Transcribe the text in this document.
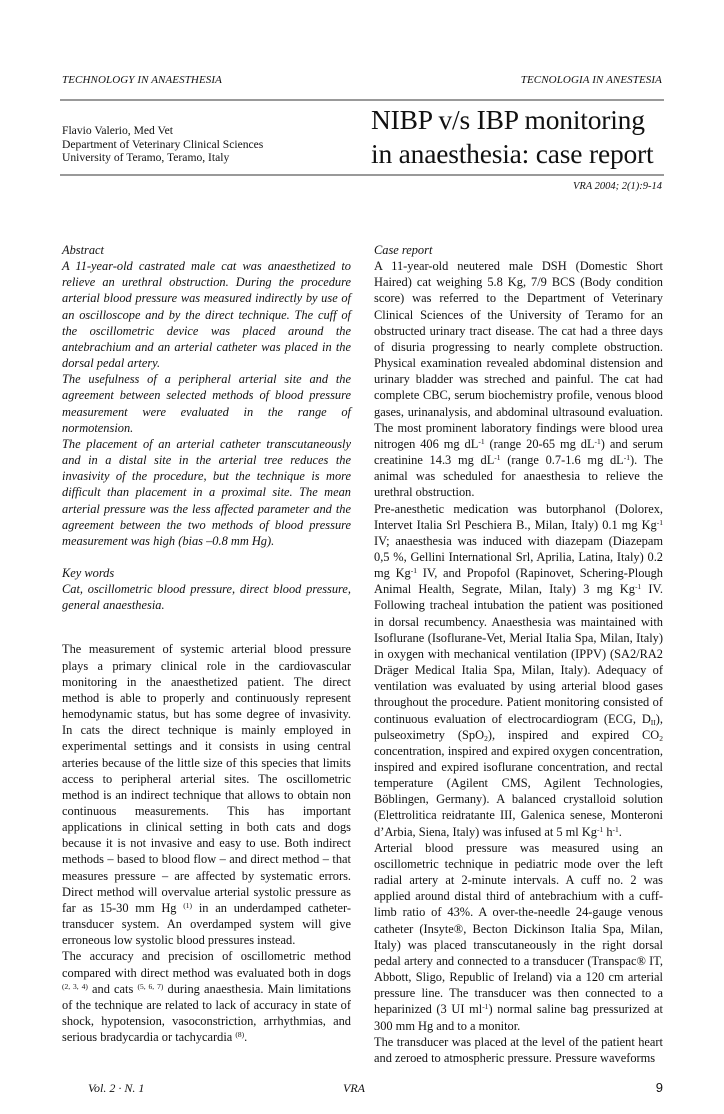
TECHNOLOGY IN ANAESTHESIA	TECNOLOGIA IN ANESTESIA
Flavio Valerio, Med Vet
Department of Veterinary Clinical Sciences
University of Teramo, Teramo, Italy
NIBP v/s IBP monitoring
in anaesthesia: case report
VRA 2004; 2(1):9-14

Abstract

A 11-year-old castrated male cat was anaesthetized to relieve an urethral obstruction. During the procedure arterial blood pressure was measured indirectly by use of an oscilloscope and by the direct technique. The cuff of the oscillometric device was placed around the antebrachium and an arterial catheter was placed in the dorsal pedal artery.

The usefulness of a peripheral arterial site and the agreement between selected methods of blood pressure measurement were evaluated in the range of normotension.

The placement of an arterial catheter transcutaneously and in a distal site in the arterial tree reduces the invasivity of the procedure, but the technique is more difficult than placement in a proximal site. The mean arterial pressure was the less affected parameter and the agreement between the two methods of blood pressure measurement was high (bias –0.8 mm Hg).

Key words

Cat, oscillometric blood pressure, direct blood pressure, general anaesthesia.

The measurement of systemic arterial blood pressure plays a primary clinical role in the cardiovascular monitoring in the anaesthetized patient. The direct method is able to properly and continuously represent hemodynamic status, but has some degree of invasivity. In cats the direct technique is mainly employed in experimental settings and it consists in using central arteries because of the little size of this species that limits access to peripheral arterial sites. The oscillometric method is an indirect technique that allows to obtain non continuous measurements. This has important applications in clinical setting in both cats and dogs because it is not invasive and easy to use. Both indirect methods – based to blood flow – and direct method – that measures pressure – are affected by systematic errors. Direct method will overvalue arterial systolic pressure as far as 15-30 mm Hg $^{(1)}$ in an underdamped catheter-transducer system. An overdamped system will give erroneous low systolic blood pressures instead.

The accuracy and precision of oscillometric method compared with direct method was evaluated both in dogs $^{(2, 3, 4)}$ and cats $^{(5, 6, 7)}$ during anaesthesia. Main limitations of the technique are related to lack of accuracy in state of shock, hypotension, vasoconstriction, arrhythmias, and serious bradycardia or tachycardia $^{(8)}$.

Case report

A 11-year-old neutered male DSH (Domestic Short Haired) cat weighing 5.8 Kg, 7/9 BCS (Body condition score) was referred to the Department of Veterinary Clinical Sciences of the University of Teramo for an obstructed urinary tract disease. The cat had a three days of disuria progressing to nearly complete obstruction. Physical examination revealed abdominal distension and urinary bladder was streched and painful. The cat had complete CBC, serum biochemistry profile, venous blood gases, urinanalysis, and abdominal ultrasound evaluation. The most prominent laboratory findings were blood urea nitrogen 406 mg $dL^{-1}$ (range 20-65 mg $dL^{-1}$) and serum creatinine 14.3 mg $dL^{-1}$ (range 0.7-1.6 mg $dL^{-1}$). The animal was scheduled for anaesthesia to relieve the urethral obstruction.

Pre-anesthetic medication was butorphanol (Dolorex, Intervet Italia Srl Peschiera B., Milan, Italy) 0.1 mg $Kg^{-1}$ IV; anaesthesia was induced with diazepam (Diazepam 0,5 %, Gellini International Srl, Aprilia, Latina, Italy) 0.2 mg $Kg^{-1}$ IV, and Propofol (Rapinovet, Schering-Plough Animal Health, Segrate, Milan, Italy) 3 mg $Kg^{-1}$ IV. Following tracheal intubation the patient was positioned in dorsal recumbency. Anaesthesia was maintained with Isoflurane (Isoflurane-Vet, Merial Italia Spa, Milan, Italy) in oxygen with mechanical ventilation (IPPV) (SA2/RA2 Dräger Medical Italia Spa, Milan, Italy). Adequacy of ventilation was evaluated by using arterial blood gases throughout the procedure. Patient monitoring consisted of continuous evaluation of electrocardiogram (ECG, $D_{II}$), pulseoximetry (SpO$_2$), inspired and expired $CO_2$ concentration, inspired and expired oxygen concentration, inspired and expired isoflurane concentration, and rectal temperature (Agilent CMS, Agilent Technologies, Böblingen, Germany). A balanced crystalloid solution (Elettrolitica reidratante III, Galenica senese, Monteroni d’Arbia, Siena, Italy) was infused at 5 ml $Kg^{-1}$ $h^{-1}$.

Arterial blood pressure was measured using an oscillometric technique in pediatric mode over the left radial artery at 2-minute intervals. A cuff no. 2 was applied around distal third of antebrachium with a cuff-limb ratio of 43%. A over-the-needle 24-gauge venous catheter (Insyte®, Becton Dickinson Italia Spa, Milan, Italy) was placed transcutaneously in the right dorsal pedal artery and connected to a transducer (Transpac® IT, Abbott, Sligo, Republic of Ireland) via a 120 cm arterial pressure line. The transducer was then connected to a heparinized (3 UI $ml^{-1}$) normal saline bag pressurized at 300 mm Hg and to a monitor.

The transducer was placed at the level of the patient heart and zeroed to atmospheric pressure. Pressure waveforms

Vol. 2 · N. 1	VRA	9
